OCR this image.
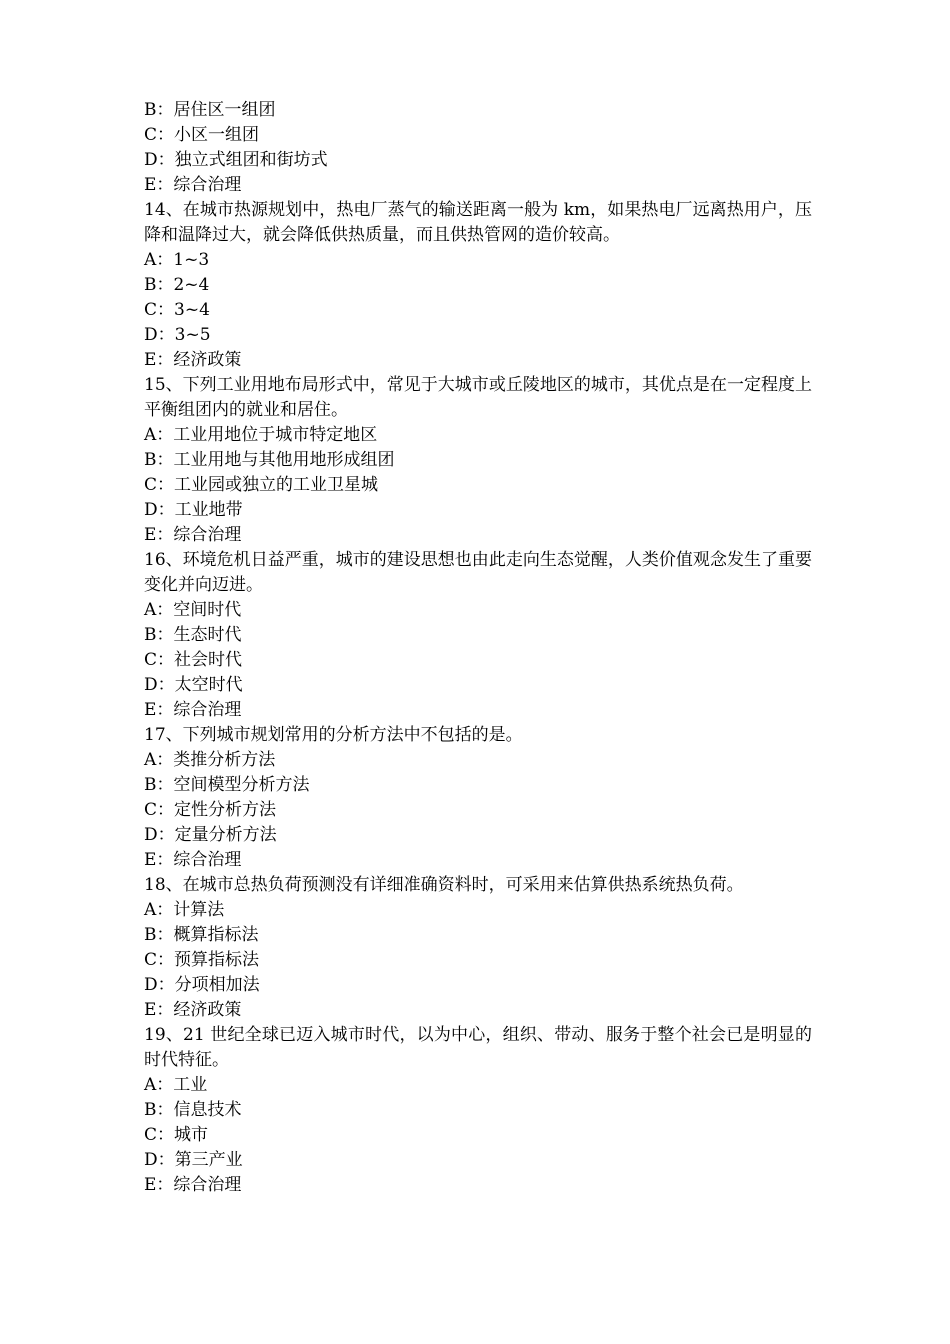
B：居住区一组团
C：小区一组团
D：独立式组团和街坊式
E：综合治理
14、在城市热源规划中，热电厂蒸气的输送距离一般为 km，如果热电厂远离热用户，压降和温降过大，就会降低供热质量，而且供热管网的造价较高。
A：1~3
B：2~4
C：3~4
D：3~5
E：经济政策
15、下列工业用地布局形式中，常见于大城市或丘陵地区的城市，其优点是在一定程度上平衡组团内的就业和居住。
A：工业用地位于城市特定地区
B：工业用地与其他用地形成组团
C：工业园或独立的工业卫星城
D：工业地带
E：综合治理
16、环境危机日益严重，城市的建设思想也由此走向生态觉醒，人类价值观念发生了重要变化并向迈进。
A：空间时代
B：生态时代
C：社会时代
D：太空时代
E：综合治理
17、下列城市规划常用的分析方法中不包括的是。
A：类推分析方法
B：空间模型分析方法
C：定性分析方法
D：定量分析方法
E：综合治理
18、在城市总热负荷预测没有详细准确资料时，可采用来估算供热系统热负荷。
A：计算法
B：概算指标法
C：预算指标法
D：分项相加法
E：经济政策
19、21 世纪全球已迈入城市时代，以为中心，组织、带动、服务于整个社会已是明显的时代特征。
A：工业
B：信息技术
C：城市
D：第三产业
E：综合治理
